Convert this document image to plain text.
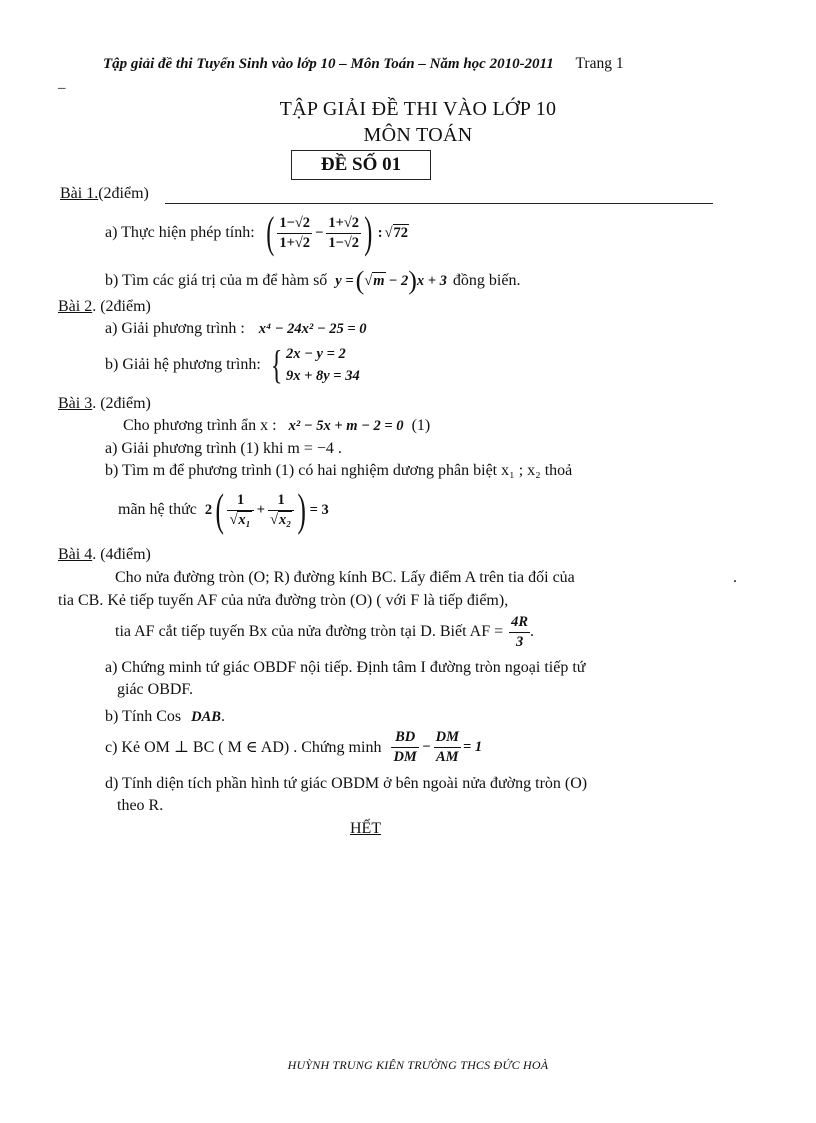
Tập giải đề thi Tuyển Sinh vào lớp 10 – Môn Toán – Năm học 2010-2011 Trang 1
–
TẬP GIẢI ĐỀ THI VÀO LỚP 10
MÔN TOÁN
ĐỀ SỐ 01
Bài 1.(2điểm)
a) Thực hiện phép tính: ( $\frac{1-√2}{1+√2} - \frac{1+√2}{1-√2}$ ) : √ 72
b) Tìm các giá trị của m để hàm số y = ( √ m − 2 ) x + 3 đồng biến.
Bài 2. (2điểm)
a) Giải phương trình : x⁴ − 24x² − 25 = 0
b) Giải hệ phương trình: { 2x − y = 2
9x + 8y = 34
Bài 3. (2điểm)
Cho phương trình ẩn x : x² − 5x + m − 2 = 0 (1)
a) Giải phương trình (1) khi m = −4 .
b) Tìm m để phương trình (1) có hai nghiệm dương phân biệt x₁ ; x₂ thoả
mãn hệ thức 2 ( $\frac{1}{\text{√x₁}} + \frac{1}{\text{√x₂}}$ ) = 3
Bài 4. (4điểm)
Cho nửa đường tròn (O; R) đường kính BC. Lấy điểm A trên tia đối của	.
tia CB. Kẻ tiếp tuyến AF của nửa đường tròn (O) ( với F là tiếp điểm),
tia AF cắt tiếp tuyến Bx của nửa đường tròn tại D. Biết AF = $\frac{4R}{3}$ .
a) Chứng minh tứ giác OBDF nội tiếp. Định tâm I đường tròn ngoại tiếp tứ
giác OBDF.
b) Tính Cos DAB.
c) Kẻ OM ⊥ BC ( M ∈ AD) . Chứng minh $\frac{BD}{DM} - \frac{DM}{AM} = 1$
d) Tính diện tích phần hình tứ giác OBDM ở bên ngoài nửa đường tròn (O)
theo R.
HẾT
HUỲNH TRUNG KIÊN TRƯỜNG THCS ĐỨC HOÀ
